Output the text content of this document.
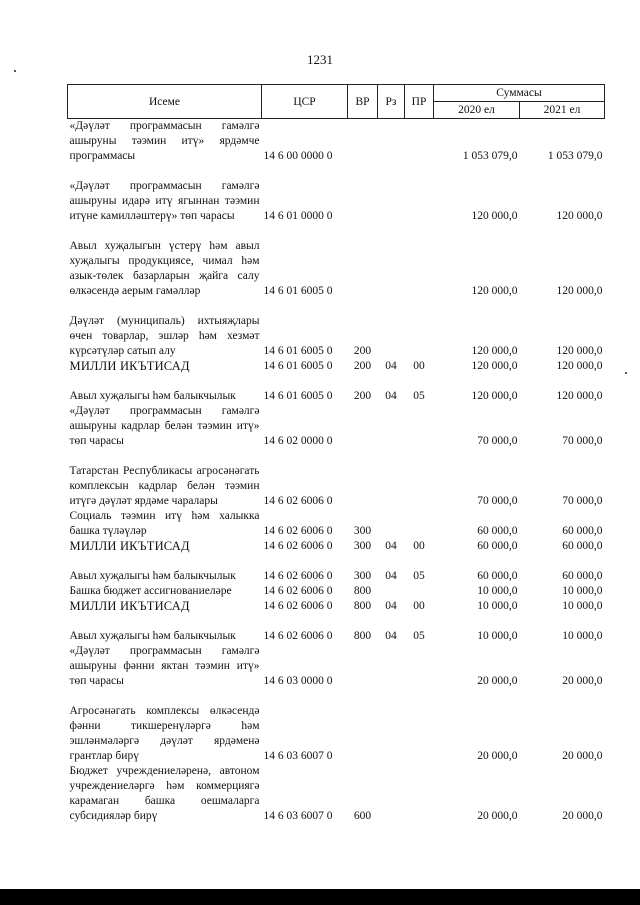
1231
Исеме	ЦСР	ВР	Рз	ПР	Суммасы	
					2020 ел	2021 ел
«Дәүләт программасын гамәлгә ашыруны тәэмин итү» ярдәмче программасы	14 6 00 0000 0				1 053 079,0	1 053 079,0
«Дәүләт программасын гамәлгә ашыруны идарә итү ягыннан тәэмин итүне камилләштерү» төп чарасы	14 6 01 0000 0				120 000,0	120 000,0
Авыл хуҗалыгын үстерү һәм авыл хуҗалыгы продукциясе, чимал һәм азык-төлек базарларын җайга салу өлкәсендә аерым гамәлләр	14 6 01 6005 0				120 000,0	120 000,0
Дәүләт (муниципаль) ихтыяҗлары өчен товарлар, эшләр һәм хезмәт күрсәтүләр сатып алу	14 6 01 6005 0	200			120 000,0	120 000,0
МИЛЛИ ИКЪТИСАД	14 6 01 6005 0	200	04	00	120 000,0	120 000,0
Авыл хуҗалыгы һәм балыкчылык	14 6 01 6005 0	200	04	05	120 000,0	120 000,0
«Дәүләт программасын гамәлгә ашыруны кадрлар белән тәэмин итү» төп чарасы	14 6 02 0000 0				70 000,0	70 000,0
Татарстан Республикасы агросәнәгать комплексын кадрлар белән тәэмин итүгә дәүләт ярдәме чаралары	14 6 02 6006 0				70 000,0	70 000,0
Социаль тәэмин итү һәм халыкка башка түләүләр	14 6 02 6006 0	300			60 000,0	60 000,0
МИЛЛИ ИКЪТИСАД	14 6 02 6006 0	300	04	00	60 000,0	60 000,0
Авыл хуҗалыгы һәм балыкчылык	14 6 02 6006 0	300	04	05	60 000,0	60 000,0
Башка бюджет ассигнованиеләре	14 6 02 6006 0	800			10 000,0	10 000,0
МИЛЛИ ИКЪТИСАД	14 6 02 6006 0	800	04	00	10 000,0	10 000,0
Авыл хуҗалыгы һәм балыкчылык	14 6 02 6006 0	800	04	05	10 000,0	10 000,0
«Дәүләт программасын гамәлгә ашыруны фәнни яктан тәэмин итү» төп чарасы	14 6 03 0000 0				20 000,0	20 000,0
Агросәнәгать комплексы өлкәсендә фәнни тикшеренүләргә һәм эшләнмәләргә дәүләт ярдәменә грантлар бирү	14 6 03 6007 0				20 000,0	20 000,0
Бюджет учреждениеләренә, автоном учреждениеләргә һәм коммерциягә карамаган башка оешмаларга субсидияләр бирү	14 6 03 6007 0	600			20 000,0	20 000,0
